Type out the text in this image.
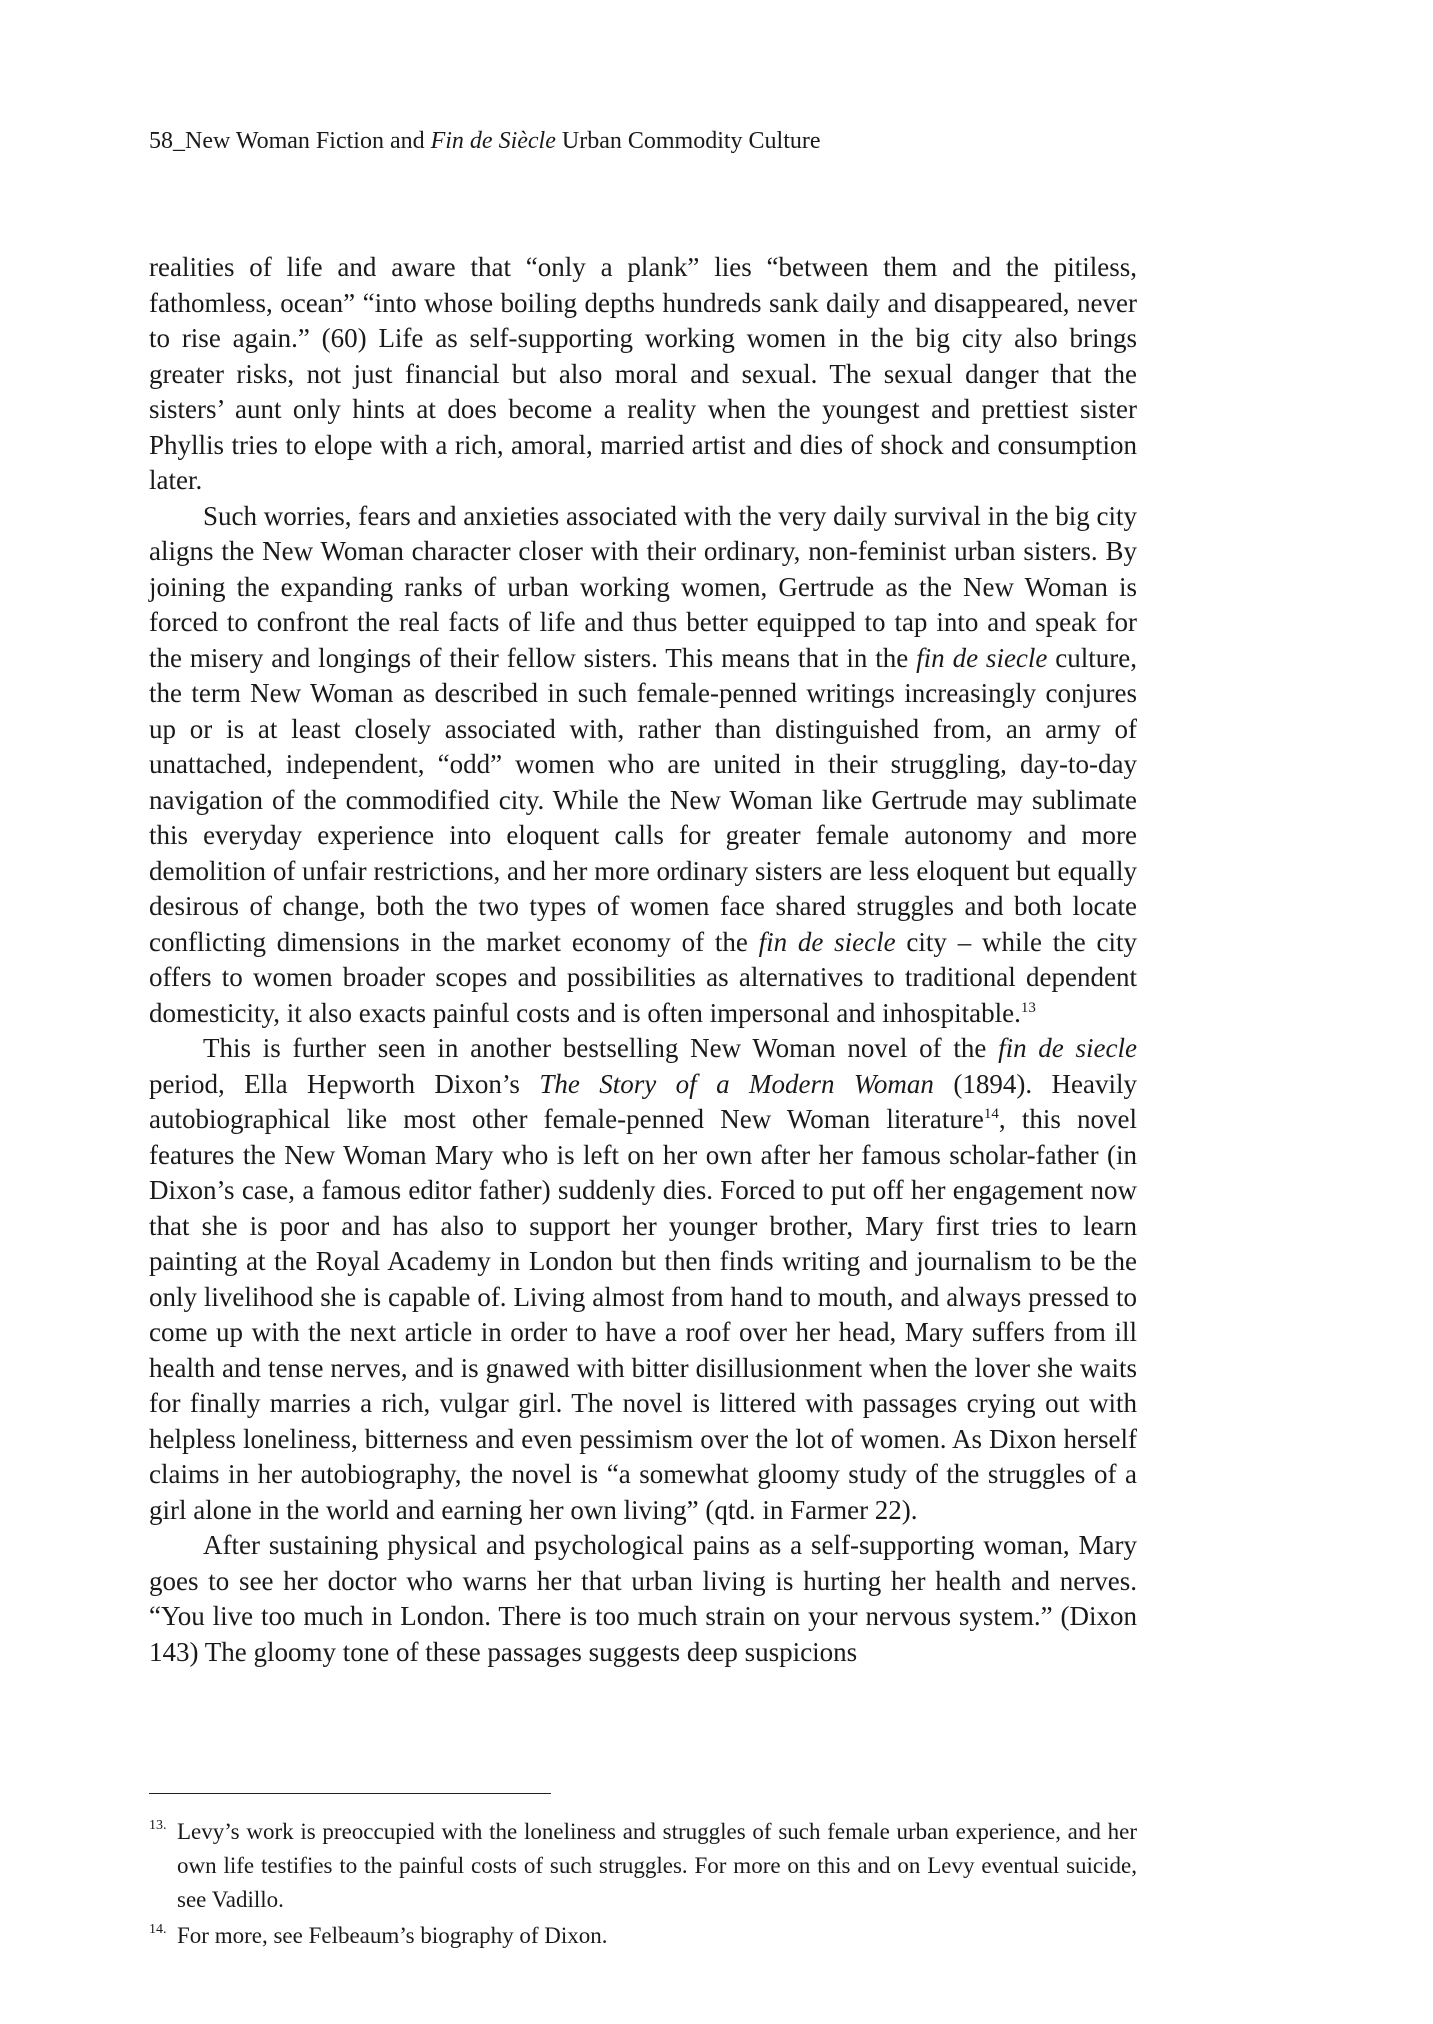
58_New Woman Fiction and Fin de Siècle Urban Commodity Culture

realities of life and aware that “only a plank” lies “between them and the pitiless, fathomless, ocean” “into whose boiling depths hundreds sank daily and disappeared, never to rise again.” (60) Life as self-supporting working women in the big city also brings greater risks, not just financial but also moral and sexual. The sexual danger that the sisters’ aunt only hints at does become a reality when the youngest and prettiest sister Phyllis tries to elope with a rich, amoral, married artist and dies of shock and consumption later.

Such worries, fears and anxieties associated with the very daily survival in the big city aligns the New Woman character closer with their ordinary, non-feminist urban sisters. By joining the expanding ranks of urban working women, Gertrude as the New Woman is forced to confront the real facts of life and thus better equipped to tap into and speak for the misery and longings of their fellow sisters. This means that in the fin de siecle culture, the term New Woman as described in such female-penned writings increasingly conjures up or is at least closely associated with, rather than distinguished from, an army of unattached, independent, “odd” women who are united in their struggling, day-to-day navigation of the commodified city. While the New Woman like Gertrude may sublimate this everyday experience into eloquent calls for greater female autonomy and more demolition of unfair restrictions, and her more ordinary sisters are less eloquent but equally desirous of change, both the two types of women face shared struggles and both locate conflicting dimensions in the market economy of the fin de siecle city – while the city offers to women broader scopes and possibilities as alternatives to traditional dependent domesticity, it also exacts painful costs and is often impersonal and inhospitable.$^{13}$

This is further seen in another bestselling New Woman novel of the fin de siecle period, Ella Hepworth Dixon’s The Story of a Modern Woman (1894). Heavily autobiographical like most other female-penned New Woman literature$^{14}$, this novel features the New Woman Mary who is left on her own after her famous scholar-father (in Dixon’s case, a famous editor father) suddenly dies. Forced to put off her engagement now that she is poor and has also to support her younger brother, Mary first tries to learn painting at the Royal Academy in London but then finds writing and journalism to be the only livelihood she is capable of. Living almost from hand to mouth, and always pressed to come up with the next article in order to have a roof over her head, Mary suffers from ill health and tense nerves, and is gnawed with bitter disillusionment when the lover she waits for finally marries a rich, vulgar girl. The novel is littered with passages crying out with helpless loneliness, bitterness and even pessimism over the lot of women. As Dixon herself claims in her autobiography, the novel is “a somewhat gloomy study of the struggles of a girl alone in the world and earning her own living” (qtd. in Farmer 22).

After sustaining physical and psychological pains as a self-supporting woman, Mary goes to see her doctor who warns her that urban living is hurting her health and nerves. “You live too much in London. There is too much strain on your nervous system.” (Dixon 143) The gloomy tone of these passages suggests deep suspicions

13. Levy’s work is preoccupied with the loneliness and struggles of such female urban experience, and her own life testifies to the painful costs of such struggles. For more on this and on Levy eventual suicide, see Vadillo.
14. For more, see Felbeaum’s biography of Dixon.
